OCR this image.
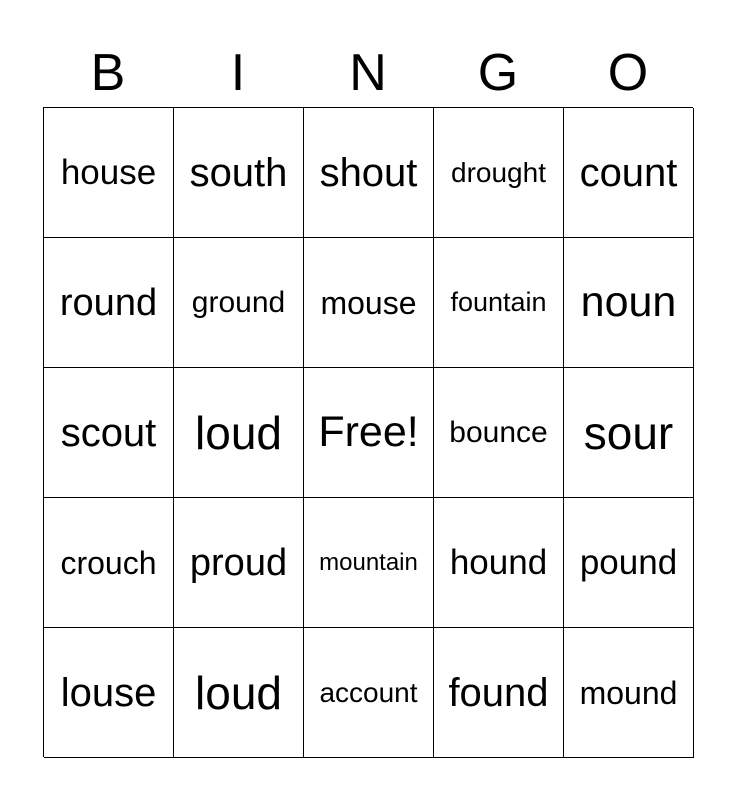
B	I	N	G	O
house south shout drought count
round ground mouse fountain noun
scout loud Free! bounce sour
crouch proud mountain hound pound
louse loud account found mound
